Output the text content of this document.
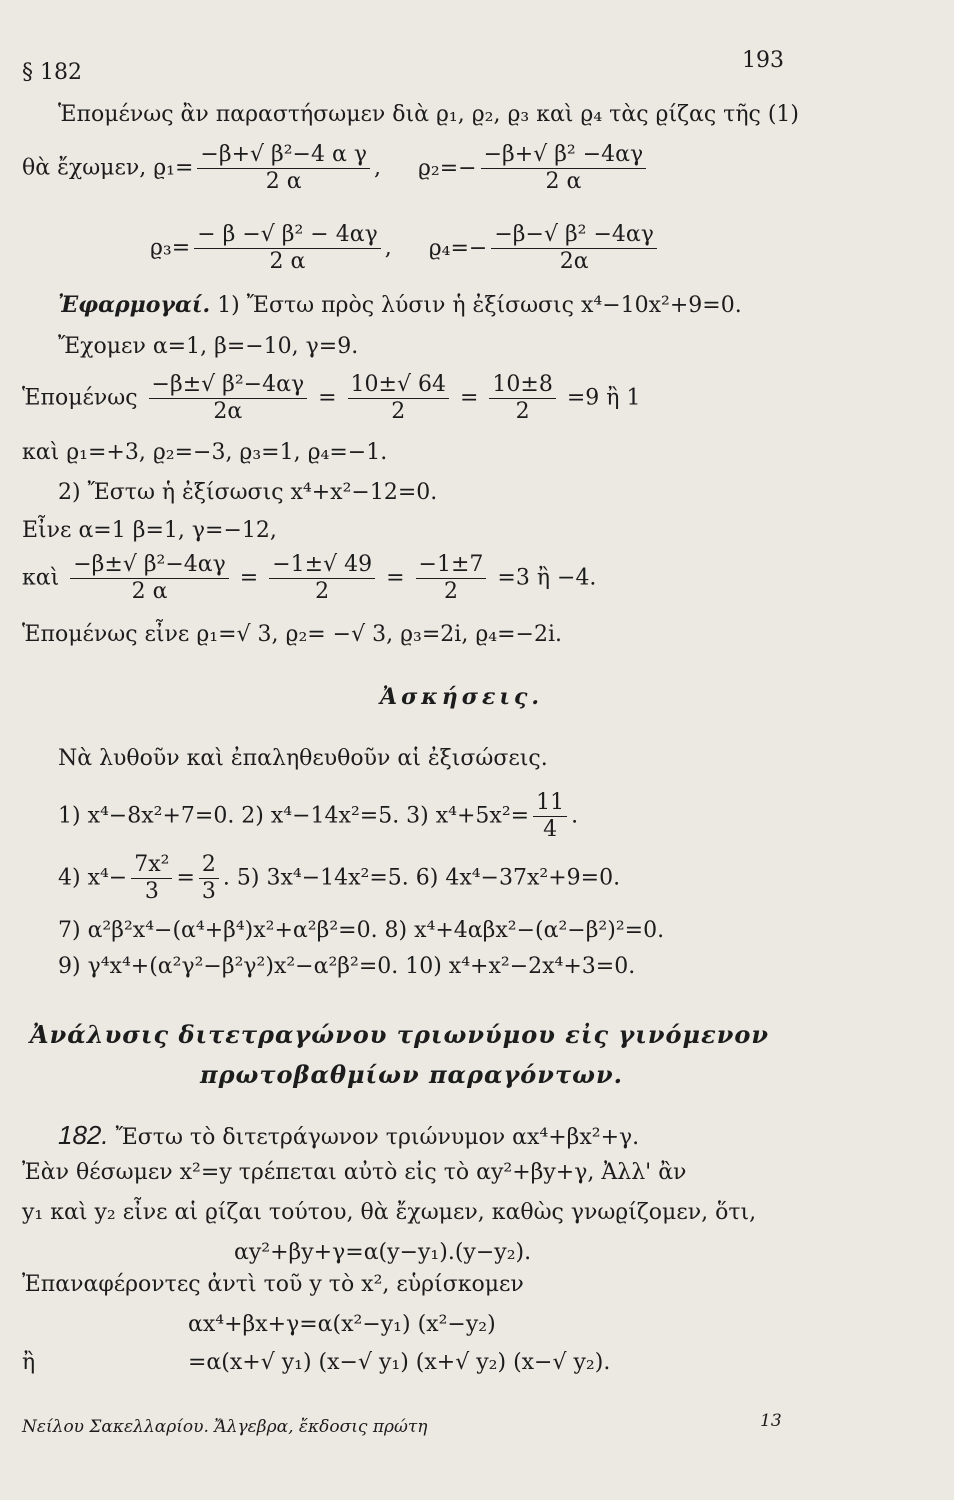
§ 182	193
Ἑπομένως ἂν παραστήσωμεν διὰ ϱ₁, ϱ₂, ϱ₃ καὶ ϱ₄ τὰς ϱίζας τῆς (1)
θὰ ἔχωμεν, $ϱ_1= \frac{\text{−β+√ β²−4 α γ}}{2 \alpha}$ , $ϱ_2=- \frac{\text{−β+√ β² −4αγ}}{2 \alpha}$
$ϱ_3= \frac{\text{− β −√ β² − 4αγ}}{2 \alpha}$ , $ϱ_4=- \frac{\text{−β−√ β² −4αγ}}{2\alpha}$
Ἐφαρμογαί. 1) Ἔστω πρὸς λύσιν ἡ ἐξίσωσις x⁴−10x²+9=0.
Ἔχομεν α=1, β=−10, γ=9.
Ἑπομένως $\frac{\text{−β±√ β²−4αγ}}{2\alpha} = \frac{10\pm√ 64}{2} = \frac{10\pm 8}{2} =9$ ἢ 1
καὶ ϱ₁=+3, ϱ₂=−3, ϱ₃=1, ϱ₄=−1.
2) Ἔστω ἡ ἐξίσωσις x⁴+x²−12=0.
Εἶνε α=1 β=1, γ=−12,
καὶ $\frac{\text{−β±√ β²−4αγ}}{2 \alpha} = \frac{-1\pm√ 49}{2} = \frac{-1\pm 7}{2} =3$ ἢ −4.
Ἑπομένως εἶνε ϱ₁=√ 3, ϱ₂= −√ 3, ϱ₃=2i, ϱ₄=−2i.
Ἀσκήσεις.
Νὰ λυθοῦν καὶ ἐπαληθευθοῦν αἱ ἐξισώσεις.
1) x⁴−8x²+7=0. 2) x⁴−14x²=5. 3) $x^4+5x^2= \frac{11}{4}$ .
4) $x^4- \frac{\text{7x²}}{3} = \frac{2}{3}$ . 5) 3x⁴−14x²=5. 6) 4x⁴−37x²+9=0.
7) α²β²x⁴−(α⁴+β⁴)x²+α²β²=0. 8) x⁴+4αβx²−(α²−β²)²=0.
9) γ⁴x⁴+(α²γ²−β²γ²)x²−α²β²=0. 10) x⁴+x²−2x⁴+3=0.
Ἀνάλυσις διτετραγώνου τριωνύμου εἰς γινόμενον
πρωτοβαθμίων παραγόντων.
182. Ἔστω τὸ διτετράγωνον τριώνυμον αx⁴+βx²+γ.
Ἐὰν θέσωμεν x²=y τρέπεται αὐτὸ εἰς τὸ αy²+βy+γ, Ἀλλ' ἂν
y₁ καὶ y₂ εἶνε αἱ ϱίζαι τούτου, θὰ ἔχωμεν, καθὼς γνωϱίζομεν, ὅτι,
αy²+βy+γ=α(y−y₁).(y−y₂).
Ἐπαναφέροντες ἀντὶ τοῦ y τὸ x², εὑρίσκομεν
αx⁴+βx+γ=α(x²−y₁) (x²−y₂)
ἢ	=α(x+√ y₁) (x−√ y₁) (x+√ y₂) (x−√ y₂).
Νείλου Σακελλαρίου. Ἄλγεβρα, ἔκδοσις πρώτη	13
